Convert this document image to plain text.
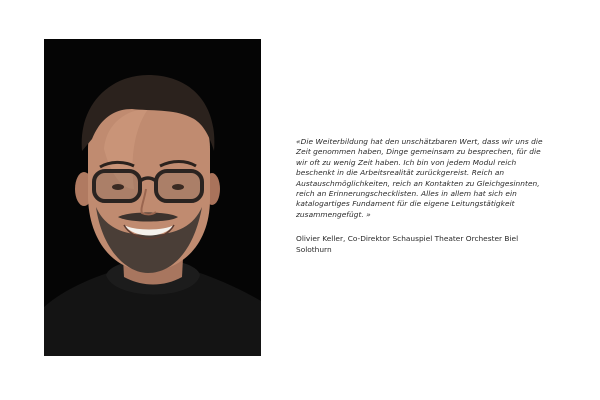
«Die Weiterbildung hat den unschätzbaren Wert, dass wir uns die Zeit genommen haben, Dinge gemeinsam zu besprechen, für die wir oft zu wenig Zeit haben. Ich bin von jedem Modul reich beschenkt in die Arbeitsrealität zurückgereist. Reich an Austauschmöglichkeiten, reich an Kontakten zu Gleichgesinnten, reich an Erinnerungschecklisten. Alles in allem hat sich ein katalogartiges Fundament für die eigene Leitungstätigkeit zusammengefügt. »

Olivier Keller, Co-Direktor Schauspiel Theater Orchester Biel Solothurn
